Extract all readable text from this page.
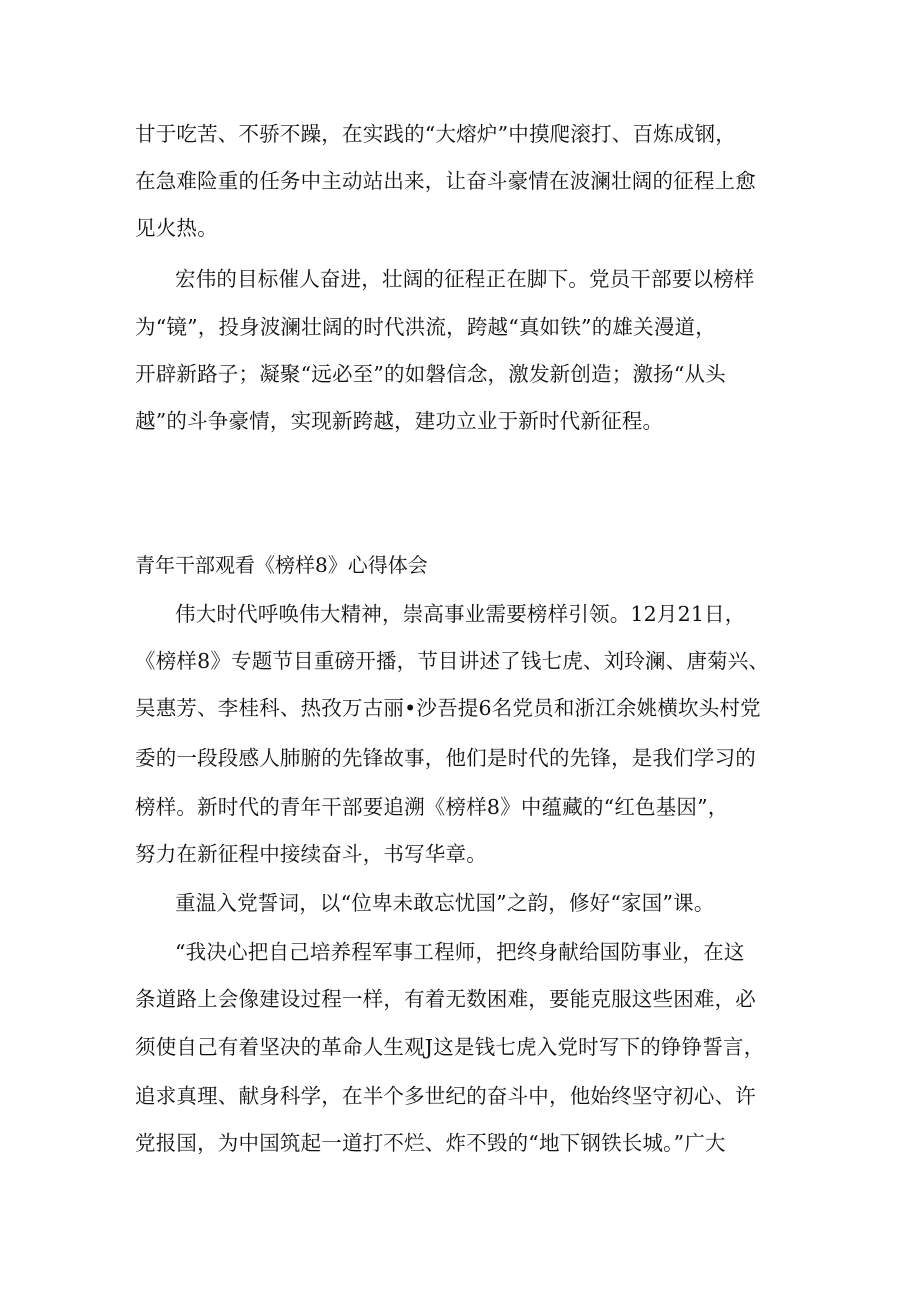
甘于吃苦、不骄不躁，在实践的“大熔炉”中摸爬滚打、百炼成钢，
在急难险重的任务中主动站出来，让奋斗豪情在波澜壮阔的征程上愈
见火热。
宏伟的目标催人奋进，壮阔的征程正在脚下。党员干部要以榜样
为“镜”，投身波澜壮阔的时代洪流，跨越“真如铁”的雄关漫道，
开辟新路子；凝聚“远必至”的如磐信念，激发新创造；激扬“从头
越”的斗争豪情，实现新跨越，建功立业于新时代新征程。
青年干部观看《榜样8》心得体会
伟大时代呼唤伟大精神，崇高事业需要榜样引领。12月21日，
《榜样8》专题节目重磅开播，节目讲述了钱七虎、刘玲澜、唐菊兴、
吴惠芳、李桂科、热孜万古丽•沙吾提6名党员和浙江余姚横坎头村党
委的一段段感人肺腑的先锋故事，他们是时代的先锋，是我们学习的
榜样。新时代的青年干部要追溯《榜样8》中蕴藏的“红色基因”，
努力在新征程中接续奋斗，书写华章。
重温入党誓词，以“位卑未敢忘忧国”之韵，修好“家国”课。
“我决心把自己培养程军事工程师，把终身献给国防事业，在这
条道路上会像建设过程一样，有着无数困难，要能克服这些困难，必
须使自己有着坚决的革命人生观J这是钱七虎入党时写下的铮铮誓言，
追求真理、献身科学，在半个多世纪的奋斗中，他始终坚守初心、许
党报国，为中国筑起一道打不烂、炸不毁的“地下钢铁长城。”广大
